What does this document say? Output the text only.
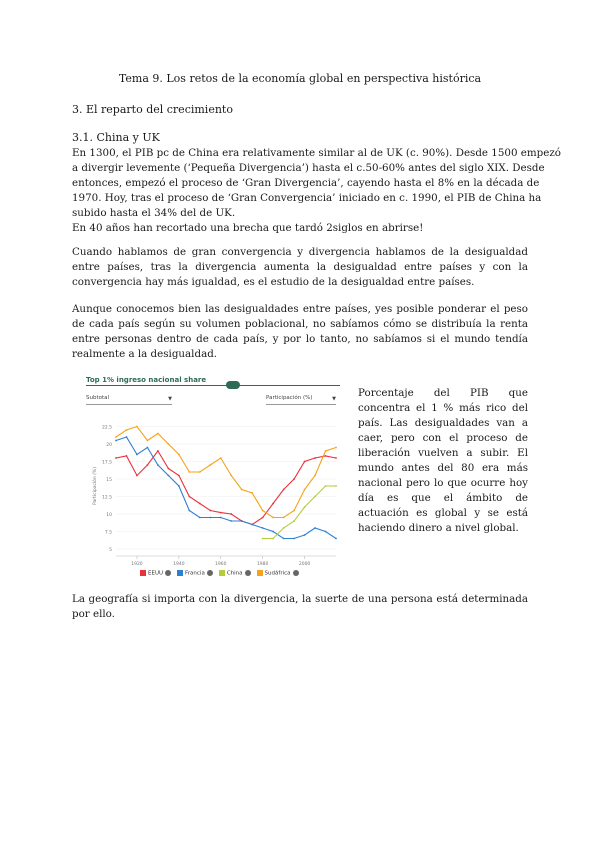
Tema 9. Los retos de la economía global en perspectiva histórica
3. El reparto del crecimiento
3.1. China y UK
En 1300, el PIB pc de China era relativamente similar al de UK (c. 90%). Desde 1500 empezó
a divergir levemente (‘Pequeña Divergencia’) hasta el c.50-60% antes del siglo XIX. Desde
entonces, empezó el proceso de ‘Gran Divergencia’, cayendo hasta el 8% en la década de
1970. Hoy, tras el proceso de ‘Gran Convergencia’ iniciado en c. 1990, el PIB de China ha
subido hasta el 34% del de UK.
En 40 años han recortado una brecha que tardó 2siglos en abrirse!

Cuando hablamos de gran convergencia y divergencia hablamos de la desigualdad entre países, tras la divergencia aumenta la desigualdad entre países y con la convergencia hay más igualdad, es el estudio de la desigualdad entre países.

Aunque conocemos bien las desigualdades entre países, yes posible ponderar el peso de cada país según su volumen poblacional, no sabíamos cómo se distribuía la renta entre personas dentro de cada país, y por lo tanto, no sabíamos si el mundo tendía realmente a la desigualdad.

Top 1% ingreso nacional share
Subtotal	▼	Participación (%)	▼
5
7.5
10
12.5
15
17.5
20
22.5
Participación (%)
1920	1940	1960	1980	2000
EEUU	Francia	China	Sudáfrica

Porcentaje del PIB que concentra el 1 % más rico del país. Las desigualdades van a caer, pero con el proceso de liberación vuelven a subir. El mundo antes del 80 era más nacional pero lo que ocurre hoy día es que el ámbito de actuación es global y se está haciendo dinero a nivel global.

La geografía si importa con la divergencia, la suerte de una persona está determinada por ello.
